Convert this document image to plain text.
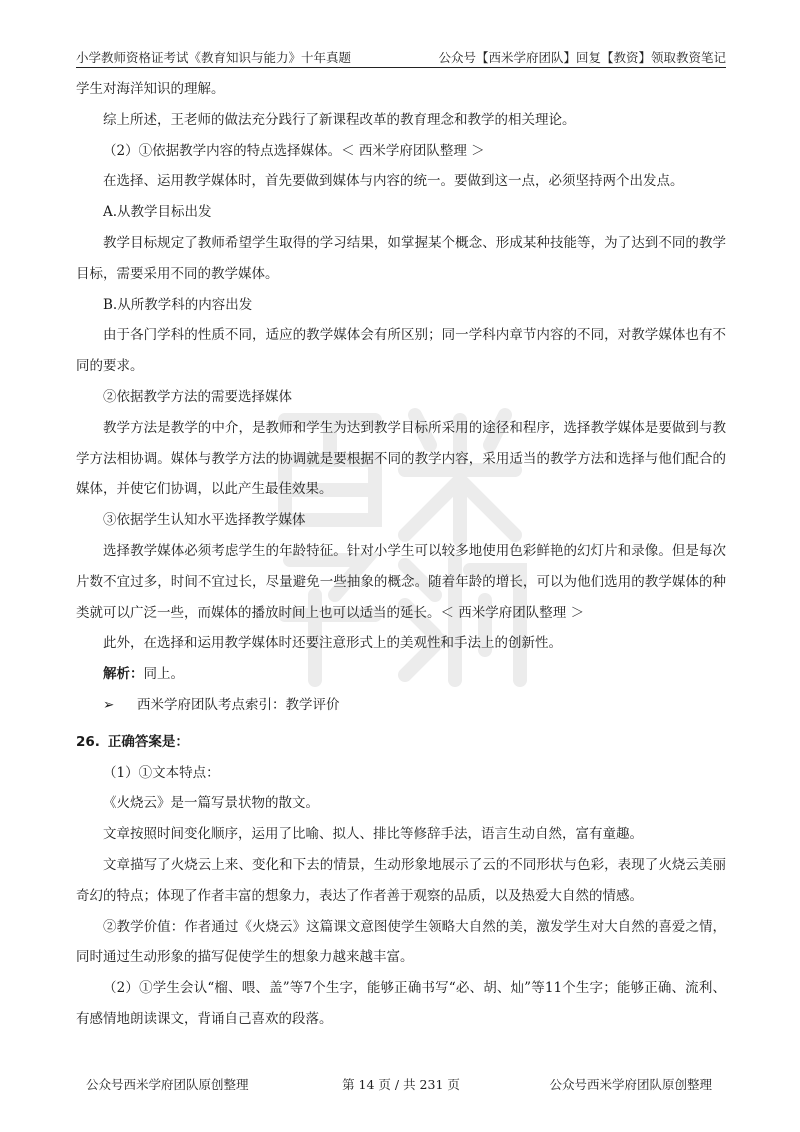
小学教师资格证考试《教育知识与能力》十年真题	公众号【西米学府团队】回复【教资】领取教资笔记

学生对海洋知识的理解。

综上所述，王老师的做法充分践行了新课程改革的教育理念和教学的相关理论。

（2）①依据教学内容的特点选择媒体。＜ 西米学府团队整理 ＞

在选择、运用教学媒体时，首先要做到媒体与内容的统一。要做到这一点，必须坚持两个出发点。

A.从教学目标出发

教学目标规定了教师希望学生取得的学习结果，如掌握某个概念、形成某种技能等，为了达到不同的教学目标，需要采用不同的教学媒体。

B.从所教学科的内容出发

由于各门学科的性质不同，适应的教学媒体会有所区别；同一学科内章节内容的不同，对教学媒体也有不同的要求。

②依据教学方法的需要选择媒体

教学方法是教学的中介，是教师和学生为达到教学目标所采用的途径和程序，选择教学媒体是要做到与教学方法相协调。媒体与教学方法的协调就是要根据不同的教学内容，采用适当的教学方法和选择与他们配合的媒体，并使它们协调，以此产生最佳效果。

③依据学生认知水平选择教学媒体

选择教学媒体必须考虑学生的年龄特征。针对小学生可以较多地使用色彩鲜艳的幻灯片和录像。但是每次片数不宜过多，时间不宜过长，尽量避免一些抽象的概念。随着年龄的增长，可以为他们选用的教学媒体的种类就可以广泛一些，而媒体的播放时间上也可以适当的延长。＜ 西米学府团队整理 ＞

此外，在选择和运用教学媒体时还要注意形式上的美观性和手法上的创新性。

解析：同上。

➢ 西米学府团队考点索引：教学评价

26. 正确答案是：

（1）①文本特点：

《火烧云》是一篇写景状物的散文。

文章按照时间变化顺序，运用了比喻、拟人、排比等修辞手法，语言生动自然，富有童趣。

文章描写了火烧云上来、变化和下去的情景，生动形象地展示了云的不同形状与色彩，表现了火烧云美丽奇幻的特点；体现了作者丰富的想象力，表达了作者善于观察的品质，以及热爱大自然的情感。

②教学价值：作者通过《火烧云》这篇课文意图使学生领略大自然的美，激发学生对大自然的喜爱之情，同时通过生动形象的描写促使学生的想象力越来越丰富。

（2）①学生会认“榴、喂、盖”等7个生字，能够正确书写“必、胡、灿”等11个生字；能够正确、流利、有感情地朗读课文，背诵自己喜欢的段落。

公众号西米学府团队原创整理	第 14 页 / 共 231 页	公众号西米学府团队原创整理
